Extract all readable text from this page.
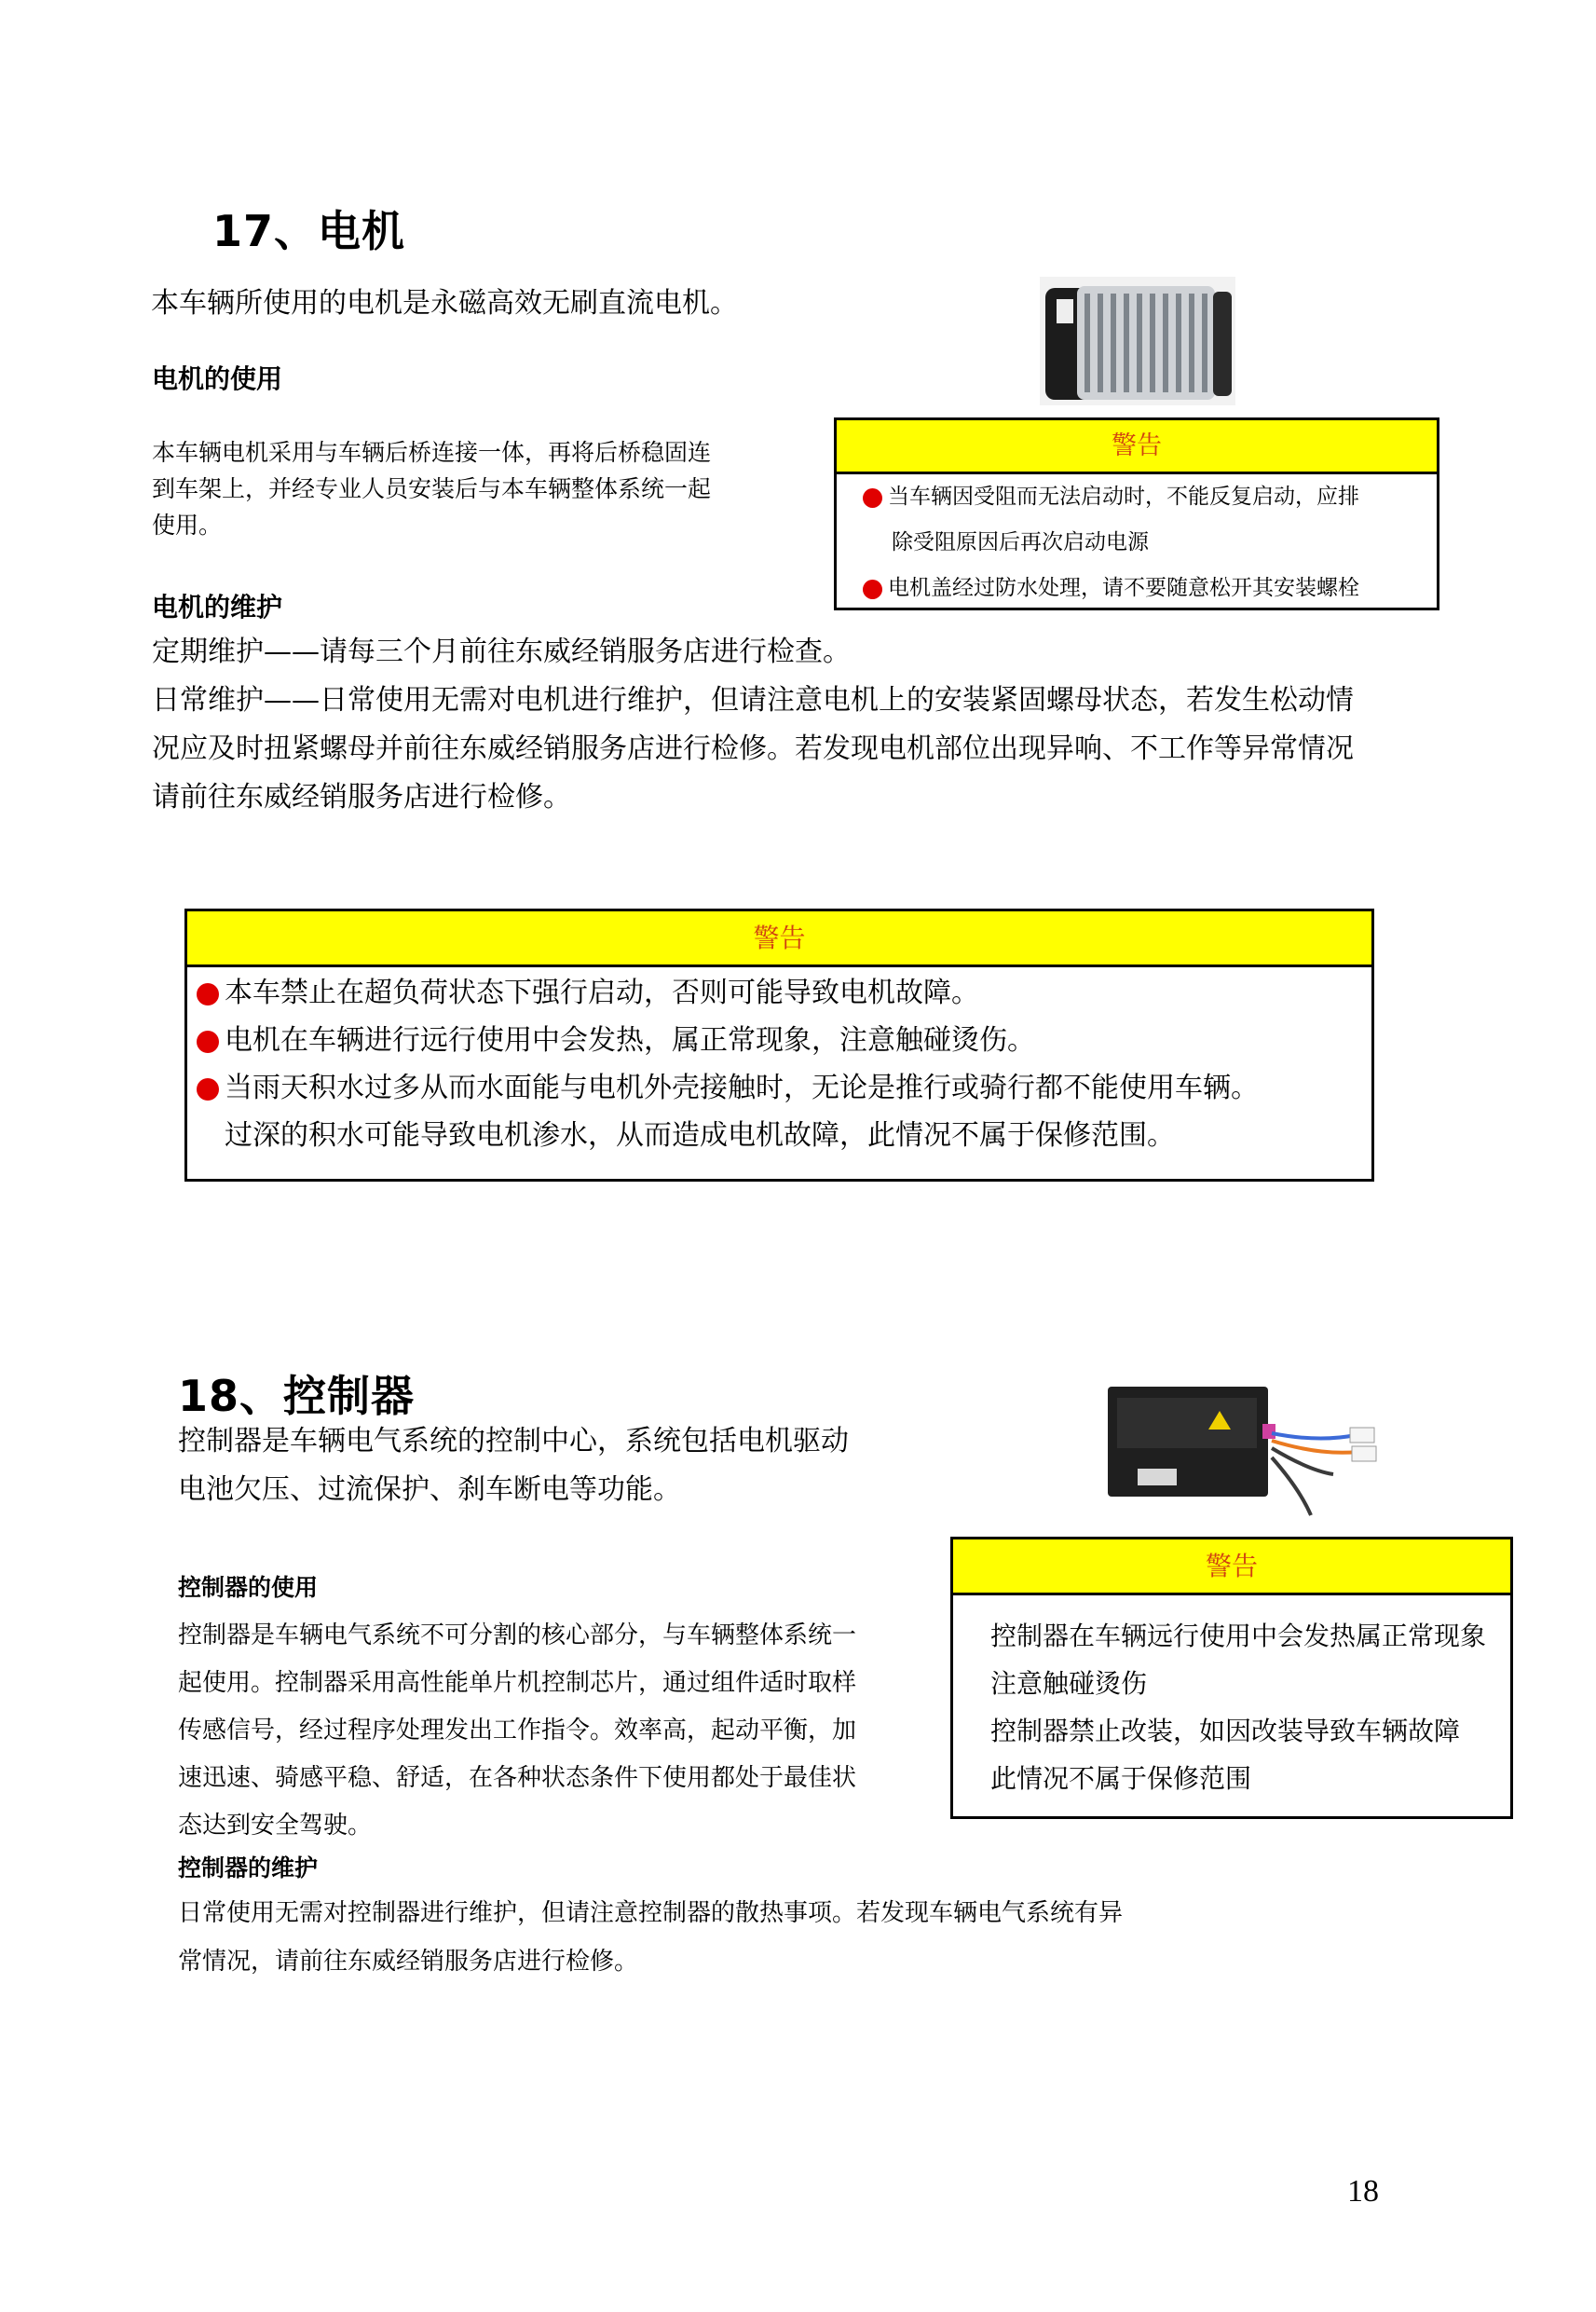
17、电机
本车辆所使用的电机是永磁高效无刷直流电机。
电机的使用
本车辆电机采用与车辆后桥连接一体，再将后桥稳固连
到车架上，并经专业人员安装后与本车辆整体系统一起
使用。
警告
当车辆因受阻而无法启动时，不能反复启动，应排
除受阻原因后再次启动电源
电机盖经过防水处理，请不要随意松开其安装螺栓
电机的维护
定期维护——请每三个月前往东威经销服务店进行检查。
日常维护——日常使用无需对电机进行维护，但请注意电机上的安装紧固螺母状态，若发生松动情
况应及时扭紧螺母并前往东威经销服务店进行检修。若发现电机部位出现异响、不工作等异常情况
请前往东威经销服务店进行检修。
警告
本车禁止在超负荷状态下强行启动，否则可能导致电机故障。
电机在车辆进行远行使用中会发热，属正常现象，注意触碰烫伤。
当雨天积水过多从而水面能与电机外壳接触时，无论是推行或骑行都不能使用车辆。
过深的积水可能导致电机渗水，从而造成电机故障，此情况不属于保修范围。
18、控制器
控制器是车辆电气系统的控制中心，系统包括电机驱动
电池欠压、过流保护、刹车断电等功能。
警告
控制器在车辆远行使用中会发热属正常现象
注意触碰烫伤
控制器禁止改装，如因改装导致车辆故障
此情况不属于保修范围
控制器的使用
控制器是车辆电气系统不可分割的核心部分，与车辆整体系统一
起使用。控制器采用高性能单片机控制芯片，通过组件适时取样
传感信号，经过程序处理发出工作指令。效率高，起动平衡，加
速迅速、骑感平稳、舒适，在各种状态条件下使用都处于最佳状
态达到安全驾驶。
控制器的维护
日常使用无需对控制器进行维护，但请注意控制器的散热事项。若发现车辆电气系统有异
常情况，请前往东威经销服务店进行检修。
18
